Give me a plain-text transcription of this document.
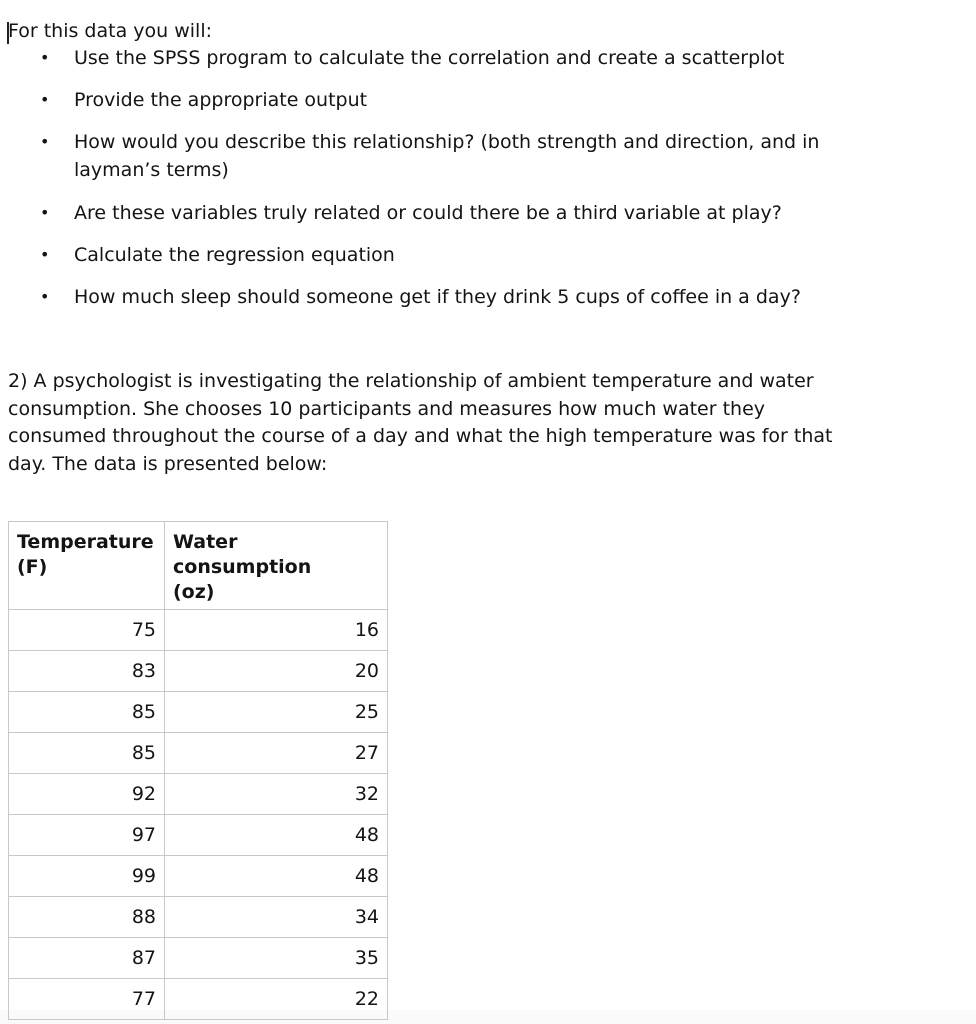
For this data you will:
• Use the SPSS program to calculate the correlation and create a scatterplot
• Provide the appropriate output
• How would you describe this relationship? (both strength and direction, and in
layman’s terms)
• Are these variables truly related or could there be a third variable at play?
• Calculate the regression equation
• How much sleep should someone get if they drink 5 cups of coffee in a day?
2) A psychologist is investigating the relationship of ambient temperature and water
consumption. She chooses 10 participants and measures how much water they
consumed throughout the course of a day and what the high temperature was for that
day. The data is presented below:
Temperature
(F)	Water consumption
(oz)
75	16
83	20
85	25
85	27
92	32
97	48
99	48
88	34
87	35
77	22
